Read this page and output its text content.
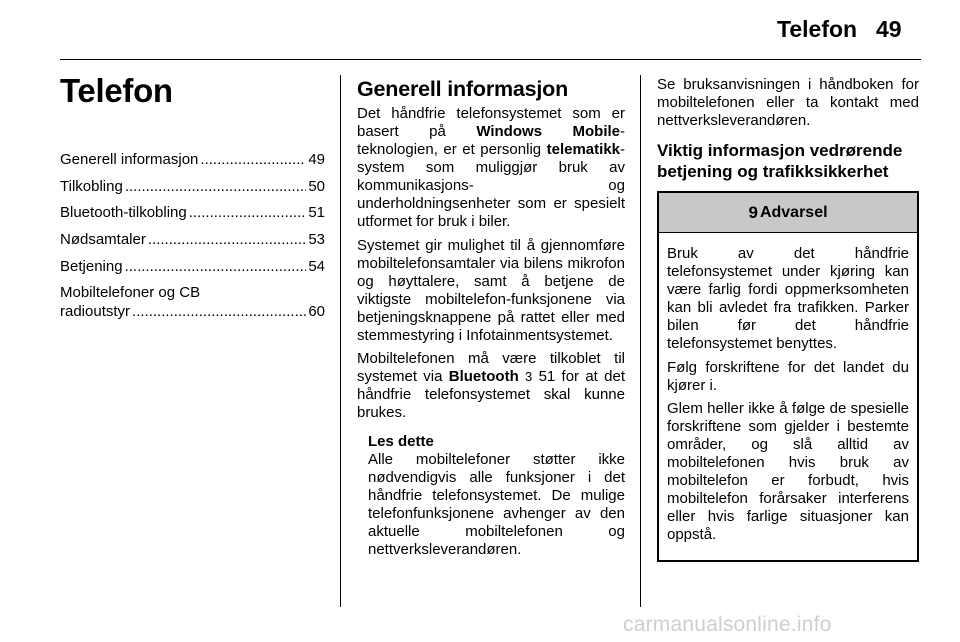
Telefon 49
Telefon
Generell informasjon .....	49
Tilkobling .....	50
Bluetooth-tilkobling .....	51
Nødsamtaler .....	53
Betjening .....	54
Mobiltelefoner og CB
radioutstyr .....	60
Generell informasjon

Det håndfrie telefonsystemet som er basert på Windows Mobile-teknologien, er et personlig telematikk-system som muliggjør bruk av kommunikasjons- og underholdningsenheter som er spesielt utformet for bruk i biler.

Systemet gir mulighet til å gjennomføre mobiltelefonsamtaler via bilens mikrofon og høyttalere, samt å betjene de viktigste mobiltelefon-funksjonene via betjeningsknappene på rattet eller med stemmestyring i Infotainmentsystemet.

Mobiltelefonen må være tilkoblet til systemet via Bluetooth 3 51 for at det håndfrie telefonsystemet skal kunne brukes.

Les dette

Alle mobiltelefoner støtter ikke nødvendigvis alle funksjoner i det håndfrie telefonsystemet. De mulige telefonfunksjonene avhenger av den aktuelle mobiltelefonen og nettverksleverandøren.

Se bruksanvisningen i håndboken for mobiltelefonen eller ta kontakt med nettverksleverandøren.

Viktig informasjon vedrørende betjening og trafikksikkerhet
9 Advarsel

Bruk av det håndfrie telefonsystemet under kjøring kan være farlig fordi oppmerksomheten kan bli avledet fra trafikken. Parker bilen før det håndfrie telefonsystemet benyttes.

Følg forskriftene for det landet du kjører i.

Glem heller ikke å følge de spesielle forskriftene som gjelder i bestemte områder, og slå alltid av mobiltelefonen hvis bruk av mobiltelefon er forbudt, hvis mobiltelefon forårsaker interferens eller hvis farlige situasjoner kan oppstå.

carmanualsonline.info
